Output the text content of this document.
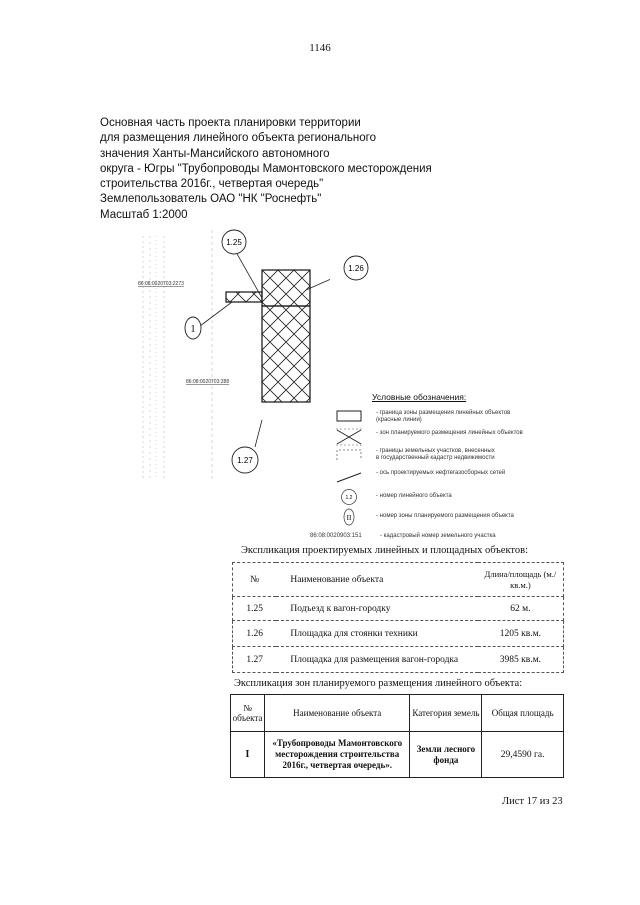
1146
Основная часть проекта планировки территории
для размещения линейного объекта регионального
значения Ханты-Мансийского автономного
округа - Югры "Трубопроводы Мамонтовского месторождения
строительства 2016г., четвертая очередь"
Землепользователь ОАО "НК "Роснефть"
Масштаб 1:2000
1.25
1.27
1
86:08:0020703:2273
86:08:0020703:288
1.26
Условные обозначения:
- граница зоны размещения линейных объектов
(красные линии)
- зон планируемого размещения линейных объектов
- границы земельных участков, внесенных
в государственный кадастр недвижимости
- ось проектируемых нефтегазосборных сетей
1.2	- номер линейного объекта
II	- номер зоны планируемого размещения объекта
86:08:0020903:151	- кадастровый номер земельного участка
Экспликация проектируемых линейных и площадных объектов:
№	Наименование объекта	Длина/площадь (м./кв.м.)
1.25	Подъезд к вагон-городку	62 м.
1.26	Площадка для стоянки техники	1205 кв.м.
1.27	Площадка для размещения вагон-городка	3985 кв.м.
Экспликация зон планируемого размещения линейного объекта:
№ объекта	Наименование объекта	Категория земель	Общая площадь
I	«Трубопроводы Мамонтовского месторождения строительства 2016г., четвертая очередь».	Земли лесного фонда	29,4590 га.
Лист 17 из 23
